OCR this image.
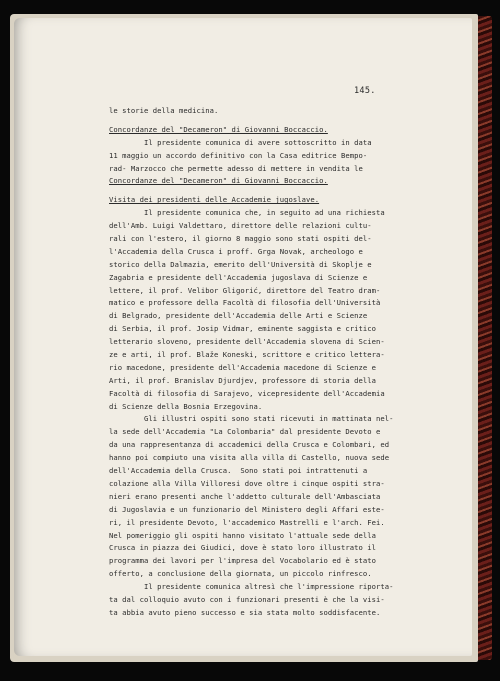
145.
le storie della medicina.
Concordanze del "Decameron" di Giovanni Boccaccio.
Il presidente comunica di avere sottoscritto in data
11 maggio un accordo definitivo con la Casa editrice Bempo-
rad- Marzocco che permette adesso di mettere in vendita le
Concordanze del "Decameron" di Giovanni Boccaccio.
Visita dei presidenti delle Accademie jugoslave.
Il presidente comunica che, in seguito ad una richiesta
dell'Amb. Luigi Valdettaro, direttore delle relazioni cultu-
rali con l'estero, il giorno 8 maggio sono stati ospiti del-
l'Accademia della Crusca i proff. Grga Novak, archeologo e
storico della Dalmazia, emerito dell'Università di Skoplje e
Zagabria e presidente dell'Accademia jugoslava di Scienze e
lettere, il prof. Velibor Gligorić, direttore del Teatro dram-
matico e professore della Facoltà di filosofia dell'Università
di Belgrado, presidente dell'Accademia delle Arti e Scienze
di Serbia, il prof. Josip Vidmar, eminente saggista e critico
letterario sloveno, presidente dell'Accademia slovena di Scien-
ze e arti, il prof. Blaže Koneski, scrittore e critico lettera-
rio macedone, presidente dell'Accademia macedone di Scienze e
Arti, il prof. Branislav Djurdjev, professore di storia della
Facoltà di filosofia di Sarajevo, vicepresidente dell'Accademia
di Scienze della Bosnia Erzegovina.
Gli illustri ospiti sono stati ricevuti in mattinata nel-
la sede dell'Accademia "La Colombaria" dal presidente Devoto e
da una rappresentanza di accademici della Crusca e Colombari, ed
hanno poi compiuto una visita alla villa di Castello, nuova sede
dell'Accademia della Crusca.  Sono stati poi intrattenuti a
colazione alla Villa Villoresi dove oltre i cinque ospiti stra-
nieri erano presenti anche l'addetto culturale dell'Ambasciata
di Jugoslavia e un funzionario del Ministero degli Affari este-
ri, il presidente Devoto, l'accademico Mastrelli e l'arch. Fei.
Nel pomeriggio gli ospiti hanno visitato l'attuale sede della
Crusca in piazza dei Giudici, dove è stato loro illustrato il
programma dei lavori per l'impresa del Vocabolario ed è stato
offerto, a conclusione della giornata, un piccolo rinfresco.
Il presidente comunica altresì che l'impressione riporta-
ta dal colloquio avuto con i funzionari presenti è che la visi-
ta abbia avuto pieno successo e sia stata molto soddisfacente.
